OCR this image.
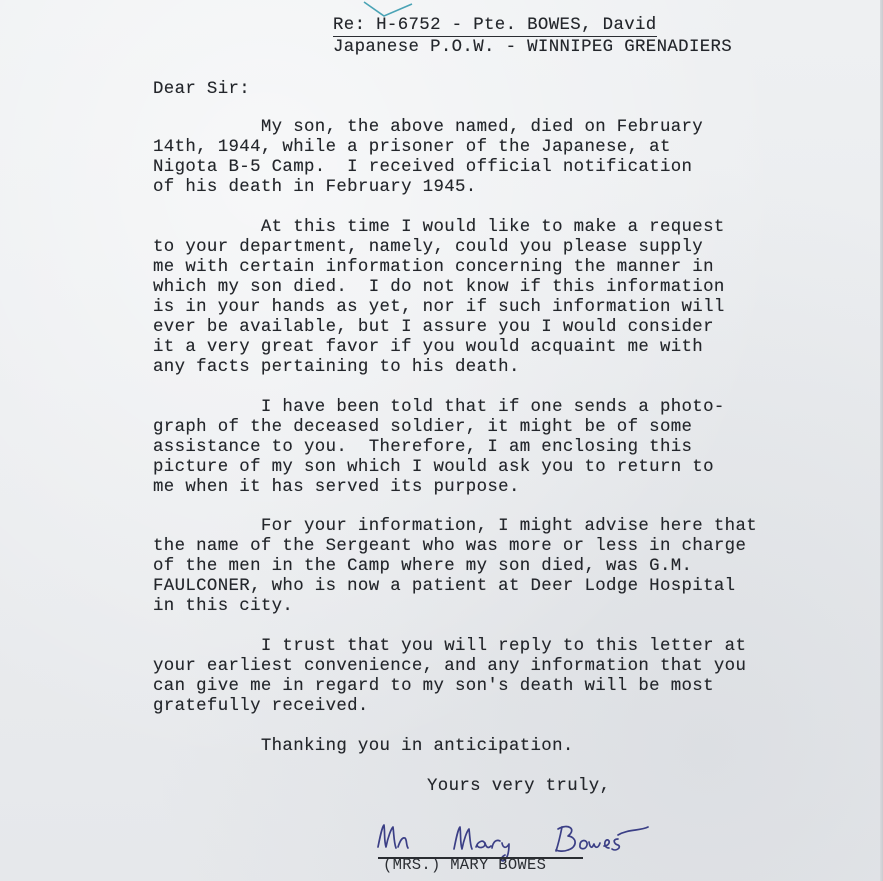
Re: H-6752 - Pte. BOWES, David
Japanese P.O.W. - WINNIPEG GRENADIERS
Dear Sir:
My son, the above named, died on February
14th, 1944, while a prisoner of the Japanese, at
Nigota B-5 Camp.  I received official notification
of his death in February 1945.
At this time I would like to make a request
to your department, namely, could you please supply
me with certain information concerning the manner in
which my son died.  I do not know if this information
is in your hands as yet, nor if such information will
ever be available, but I assure you I would consider
it a very great favor if you would acquaint me with
any facts pertaining to his death.
I have been told that if one sends a photo-
graph of the deceased soldier, it might be of some
assistance to you.  Therefore, I am enclosing this
picture of my son which I would ask you to return to
me when it has served its purpose.
For your information, I might advise here that
the name of the Sergeant who was more or less in charge
of the men in the Camp where my son died, was G.M.
FAULCONER, who is now a patient at Deer Lodge Hospital
in this city.
I trust that you will reply to this letter at
your earliest convenience, and any information that you
can give me in regard to my son's death will be most
gratefully received.
Thanking you in anticipation.
Yours very truly,
(MRS.) MARY BOWES
